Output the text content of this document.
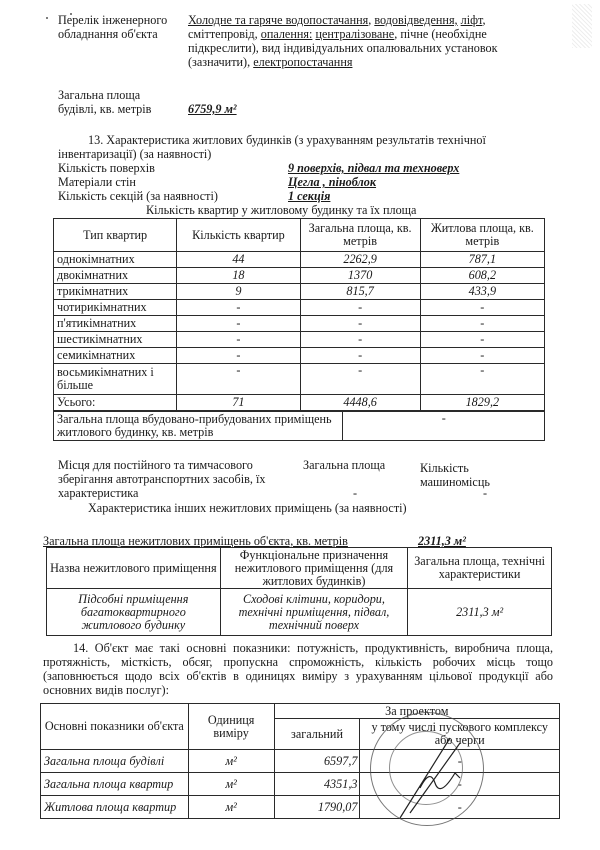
Перелік інженерного
обладнання об'єкта
Холодне та гаряче водопостачання, водовідведення, ліфт,
сміттепровід, опалення: централізоване, пічне (необхідне
підкреслити), вид індивідуальних опалювальних установок
(зазначити), електропостачання
Загальна площа
будівлі, кв. метрів	6759,9 м²
13. Характеристика житлових будинків (з урахуванням результатів технічної
інвентаризації) (за наявності)
Кількість поверхів	9 поверхів, підвал та техноверх
Матеріали стін	Цегла , піноблок
Кількість секцій (за наявності)	1 секція
Кількість квартир у житловому будинку та їх площа
Тип квартир	Кількість квартир	Загальна площа, кв. метрів	Житлова площа, кв. метрів
однокімнатних	44	2262,9	787,1
двокімнатних	18	1370	608,2
трикімнатних	9	815,7	433,9
чотирикімнатних	-	-	-
п'ятикімнатних	-	-	-
шестикімнатних	-	-	-
семикімнатних	-	-	-
восьмикімнатних і більше	-	-	-
Усього:	71	4448,6	1829,2
Загальна площа вбудовано-прибудованих приміщень житлового будинку, кв. метрів	-
Місця для постійного та тимчасового зберігання автотранспортних засобів, їх характеристика
Загальна площа
-
Кількість машиномісць
-
Характеристика інших нежитлових приміщень (за наявності)
Загальна площа нежитлових приміщень об'єкта, кв. метрів	2311,3 м²
Назва нежитлового приміщення	Функціональне призначення нежитлового приміщення (для житлових будинків)	Загальна площа, технічні характеристики
Підсобні приміщення багатоквартирного житлового будинку	Сходові клітини, коридори, технічні приміщення, підвал, технічний поверх	2311,3 м²
14. Об'єкт має такі основні показники: потужність, продуктивність, виробнича площа, протяжність, місткість, обсяг, пропускна спроможність, кількість робочих місць тощо (заповнюється щодо всіх об'єктів в одиницях виміру з урахуванням цільової продукції або основних видів послуг):
Основні показники об'єкта	Одиниця виміру	За проектом	
		загальний	у тому числі пускового комплексу або черги
Загальна площа будівлі	м²	6597,7	-
Загальна площа квартир	м²	4351,3	-
Житлова площа квартир	м²	1790,07	-
